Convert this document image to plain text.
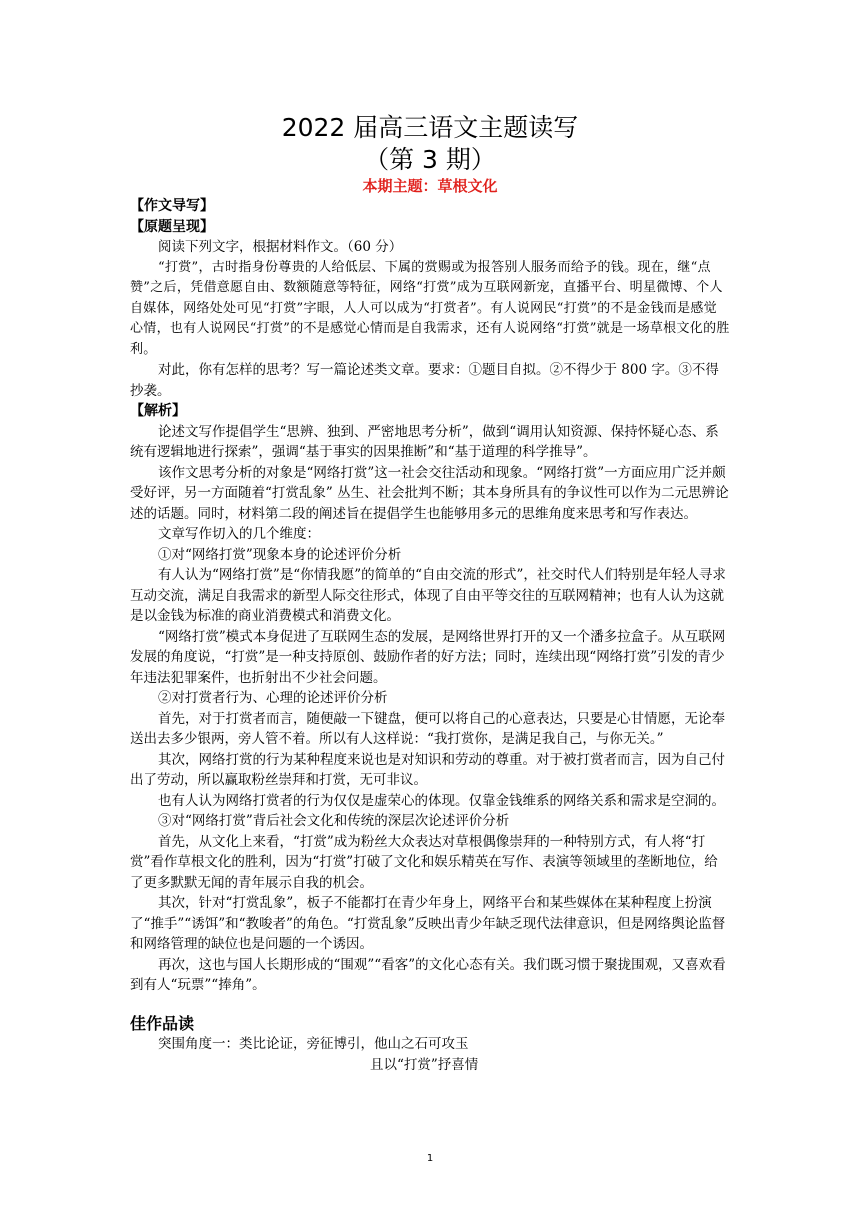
2022 届高三语文主题读写
（第 3 期）
本期主题：草根文化

【作文导写】

【原题呈现】

阅读下列文字，根据材料作文。（60 分）

“打赏”，古时指身份尊贵的人给低层、下属的赏赐或为报答别人服务而给予的钱。现在，继“点赞”之后，凭借意愿自由、数额随意等特征，网络“打赏”成为互联网新宠，直播平台、明星微博、个人自媒体，网络处处可见“打赏”字眼，人人可以成为“打赏者”。有人说网民“打赏”的不是金钱而是感觉心情，也有人说网民“打赏”的不是感觉心情而是自我需求，还有人说网络“打赏”就是一场草根文化的胜利。

对此，你有怎样的思考？写一篇论述类文章。要求：①题目自拟。②不得少于 800 字。③不得抄袭。

【解析】

论述文写作提倡学生“思辨、独到、严密地思考分析”，做到“调用认知资源、保持怀疑心态、系统有逻辑地进行探索”，强调“基于事实的因果推断”和“基于道理的科学推导”。

该作文思考分析的对象是“网络打赏”这一社会交往活动和现象。“网络打赏”一方面应用广泛并颇受好评，另一方面随着“打赏乱象” 丛生、社会批判不断；其本身所具有的争议性可以作为二元思辨论述的话题。同时，材料第二段的阐述旨在提倡学生也能够用多元的思维角度来思考和写作表达。

文章写作切入的几个维度：

①对“网络打赏”现象本身的论述评价分析

有人认为“网络打赏”是“你情我愿”的简单的“自由交流的形式”，社交时代人们特别是年轻人寻求互动交流，满足自我需求的新型人际交往形式，体现了自由平等交往的互联网精神；也有人认为这就是以金钱为标准的商业消费模式和消费文化。

“网络打赏”模式本身促进了互联网生态的发展，是网络世界打开的又一个潘多拉盒子。从互联网发展的角度说，“打赏”是一种支持原创、鼓励作者的好方法；同时，连续出现“网络打赏”引发的青少年违法犯罪案件，也折射出不少社会问题。

②对打赏者行为、心理的论述评价分析

首先，对于打赏者而言，随便敲一下键盘，便可以将自己的心意表达，只要是心甘情愿，无论奉送出去多少银两，旁人管不着。所以有人这样说：“我打赏你，是满足我自己，与你无关。”

其次，网络打赏的行为某种程度来说也是对知识和劳动的尊重。对于被打赏者而言，因为自己付出了劳动，所以赢取粉丝崇拜和打赏，无可非议。

也有人认为网络打赏者的行为仅仅是虚荣心的体现。仅靠金钱维系的网络关系和需求是空洞的。

③对“网络打赏”背后社会文化和传统的深层次论述评价分析

首先，从文化上来看，“打赏”成为粉丝大众表达对草根偶像崇拜的一种特别方式，有人将“打赏”看作草根文化的胜利，因为“打赏”打破了文化和娱乐精英在写作、表演等领域里的垄断地位，给了更多默默无闻的青年展示自我的机会。

其次，针对“打赏乱象”，板子不能都打在青少年身上，网络平台和某些媒体在某种程度上扮演了“推手”“诱饵”和“教唆者”的角色。“打赏乱象”反映出青少年缺乏现代法律意识，但是网络舆论监督和网络管理的缺位也是问题的一个诱因。

再次，这也与国人长期形成的“围观”“看客”的文化心态有关。我们既习惯于聚拢围观，又喜欢看到有人“玩票”“捧角”。

佳作品读

突围角度一：类比论证，旁征博引，他山之石可攻玉

且以“打赏”抒喜情

1
